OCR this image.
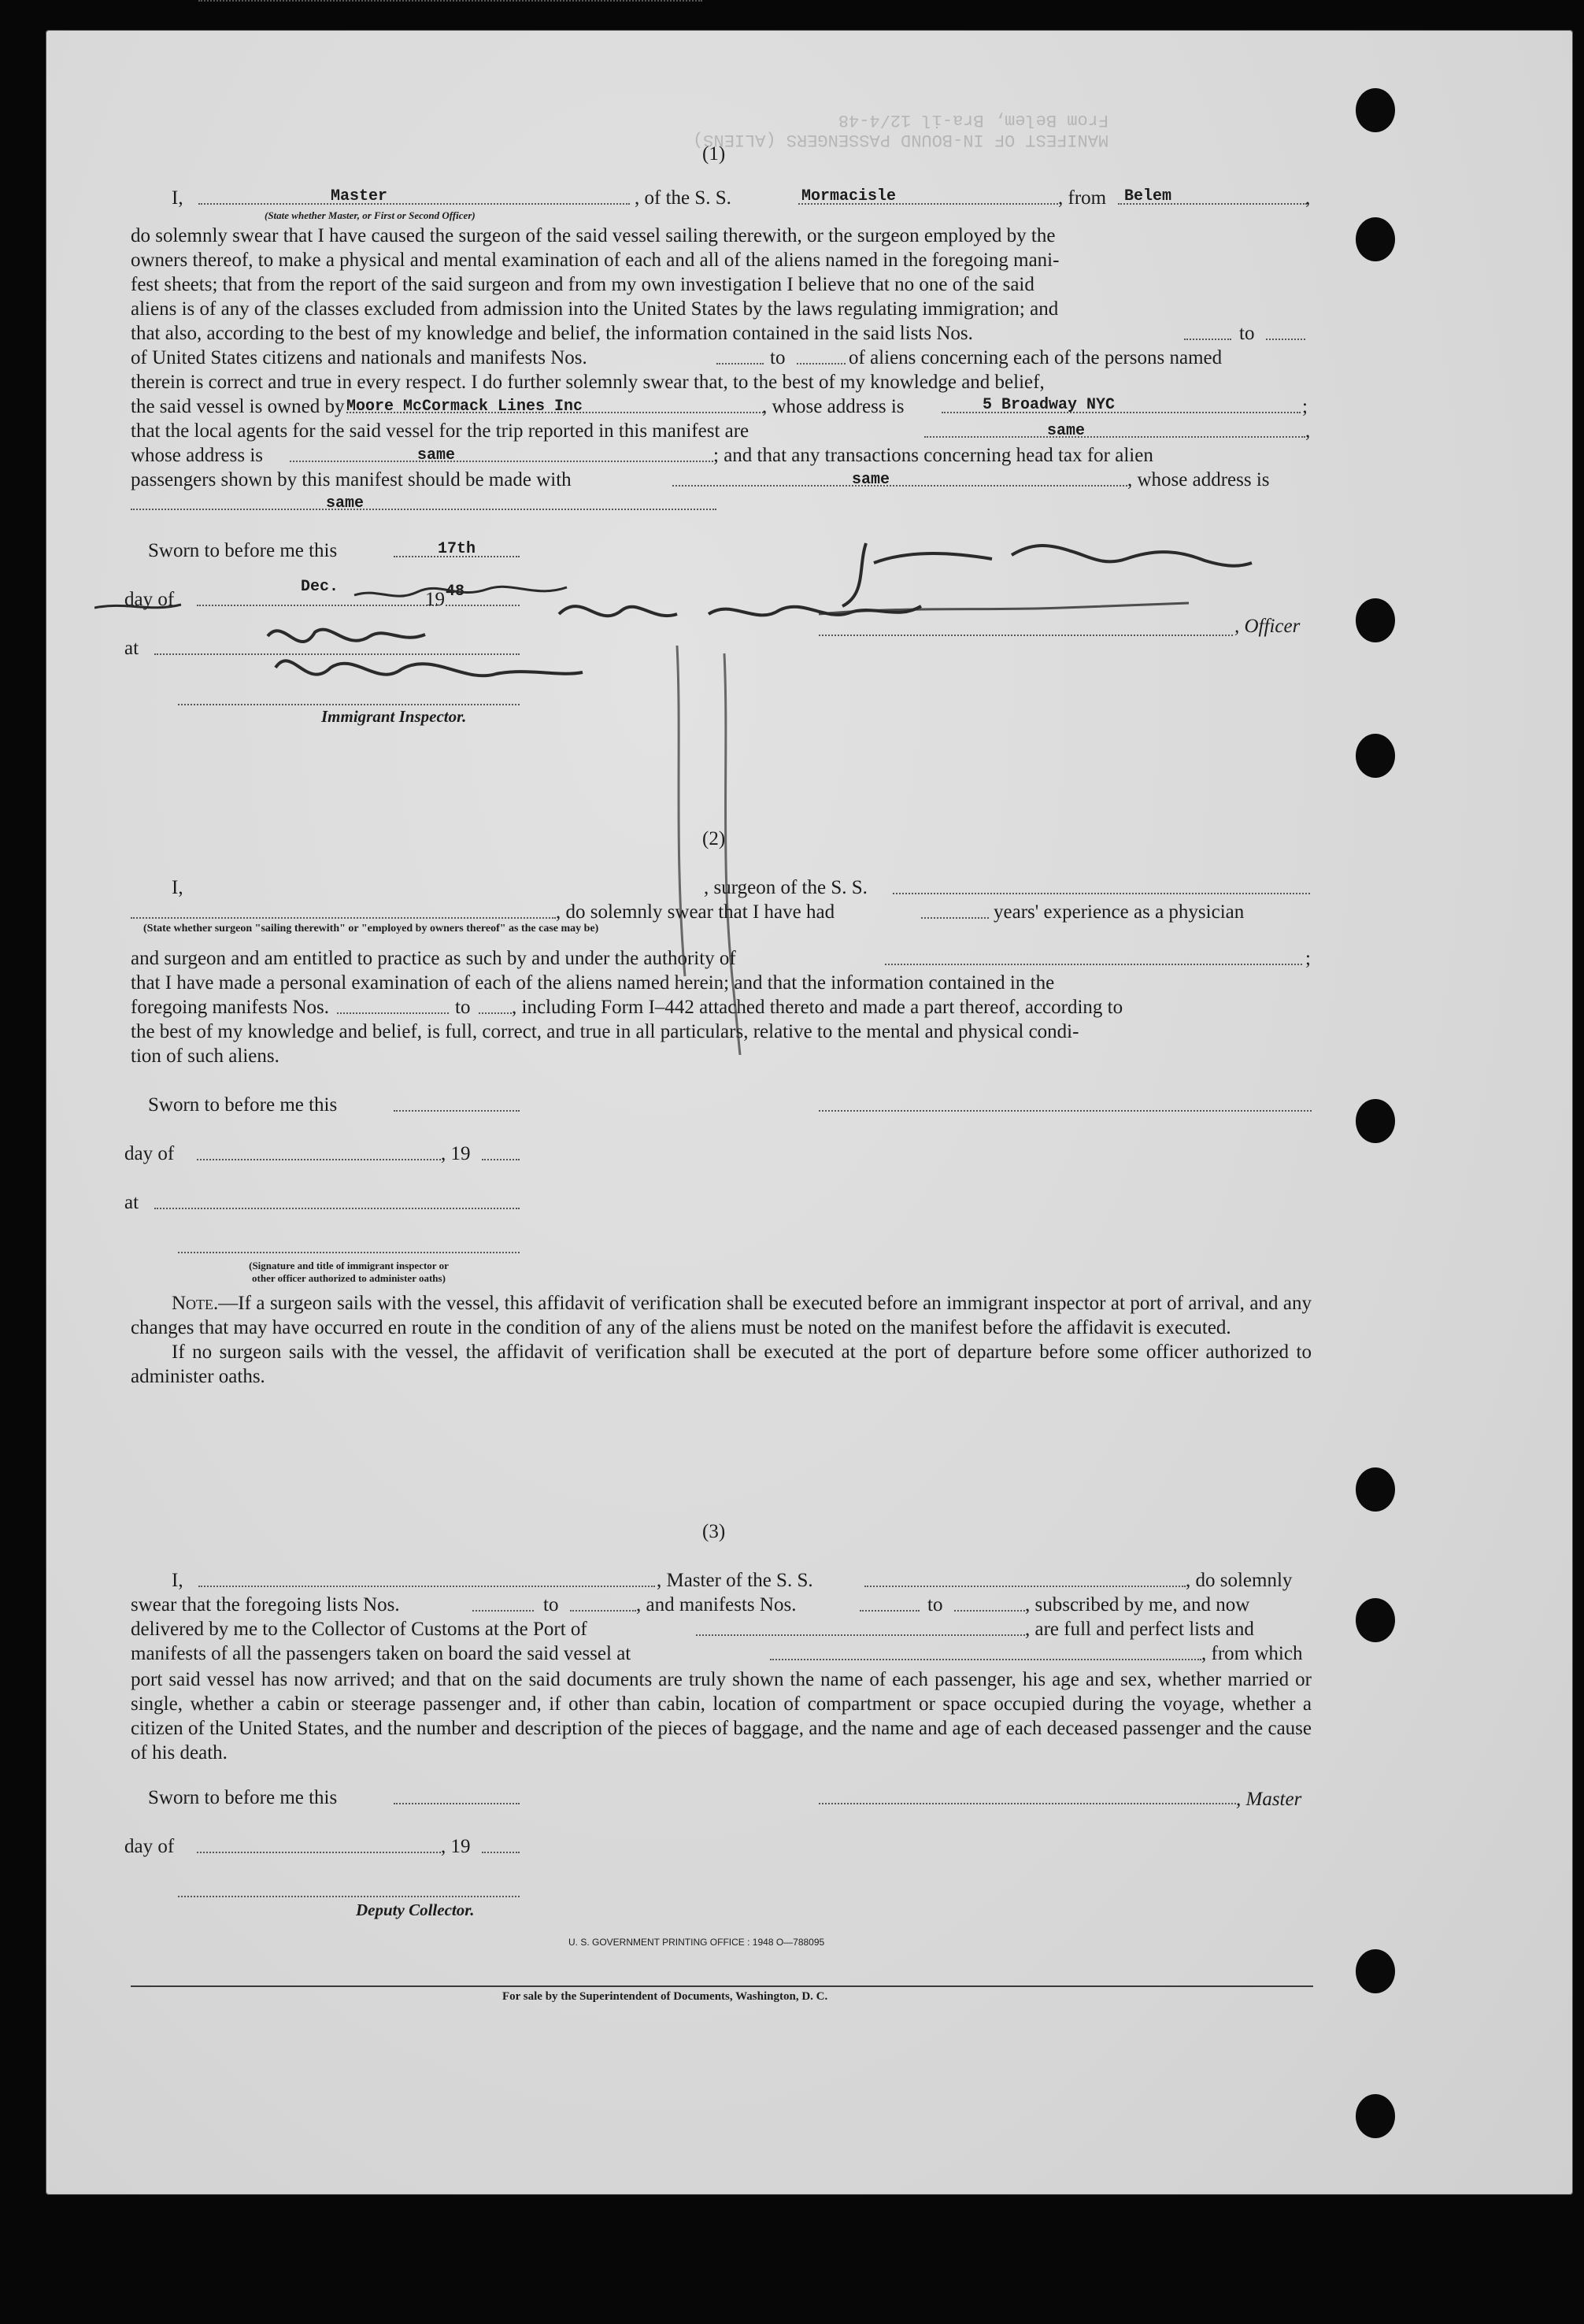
MANIFEST OF IN-BOUND PASSENGERS (ALIENS)
From Belem, Bra-il 12/4-48
(1)
I,	Master	, of the S. S.	Mormacisle	, from Belem	,
(State whether Master, or First or Second Officer)
do solemnly swear that I have caused the surgeon of the said vessel sailing therewith, or the surgeon employed by the
owners thereof, to make a physical and mental examination of each and all of the aliens named in the foregoing mani-
fest sheets; that from the report of the said surgeon and from my own investigation I believe that no one of the said
aliens is of any of the classes excluded from admission into the United States by the laws regulating immigration; and
that also, according to the best of my knowledge and belief, the information contained in the said lists Nos.	to
of United States citizens and nationals and manifests Nos.	to	of aliens concerning each of the persons named
therein is correct and true in every respect. I do further solemnly swear that, to the best of my knowledge and belief,
the said vessel is owned by Moore McCormack Lines Inc	, whose address is	5 Broadway NYC	;
that the local agents for the said vessel for the trip reported in this manifest are	same	,
whose address is	same	; and that any transactions concerning head tax for alien
passengers shown by this manifest should be made with	same	, whose address is
same
Sworn to before me this	17th
day of
Dec.
19 48
at
Immigrant Inspector.
, Officer
(2)
I,	, surgeon of the S. S.
, do solemnly swear that I have had	years' experience as a physician
(State whether surgeon "sailing therewith" or "employed by owners thereof" as the case may be)
and surgeon and am entitled to practice as such by and under the authority of	;
that I have made a personal examination of each of the aliens named herein; and that the information contained in the
foregoing manifests Nos.	to , including Form I–442 attached thereto and made a part thereof, according to
the best of my knowledge and belief, is full, correct, and true in all particulars, relative to the mental and physical condi-
tion of such aliens.
Sworn to before me this
day of	, 19
at
(Signature and title of immigrant inspector or
other officer authorized to administer oaths)

Note.—If a surgeon sails with the vessel, this affidavit of verification shall be executed before an immigrant inspector at port of arrival, and any changes that may have occurred en route in the condition of any of the aliens must be noted on the manifest before the affidavit is executed.

If no surgeon sails with the vessel, the affidavit of verification shall be executed at the port of departure before some officer authorized to administer oaths.

(3)
I,	, Master of the S. S.	, do solemnly
swear that the foregoing lists Nos.	to	, and manifests Nos.	to	, subscribed by me, and now
delivered by me to the Collector of Customs at the Port of	, are full and perfect lists and
manifests of all the passengers taken on board the said vessel at	, from which
port said vessel has now arrived; and that on the said documents are truly shown the name of each passenger, his age and sex, whether married or single, whether a cabin or steerage passenger and, if other than cabin, location of compartment or space occupied during the voyage, whether a citizen of the United States, and the number and description of the pieces of baggage, and the name and age of each deceased passenger and the cause of his death.
Sworn to before me this	, Master
day of	, 19
Deputy Collector.
U. S. GOVERNMENT PRINTING OFFICE : 1948 O—788095
For sale by the Superintendent of Documents, Washington, D. C.
